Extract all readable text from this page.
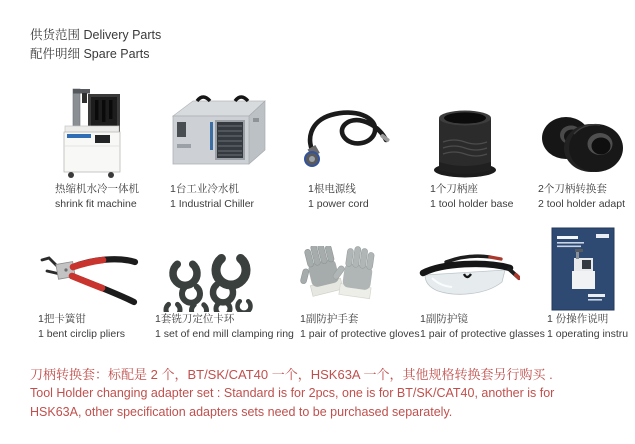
供货范围 Delivery Parts
配件明细 Spare Parts
热缩机水冷一体机
shrink fit machine
1台工业冷水机
1 Industrial Chiller
1根电源线
1 power cord
1个刀柄座
1 tool holder base
2个刀柄转换套
2 tool holder adapt
1把卡簧钳
1 bent circlip pliers
1套铣刀定位卡环
1 set of end mill clamping ring
1副防护手套
1 pair of protective gloves
1副防护镜
1 pair of protective glasses
1 份操作说明
1 operating instru
刀柄转换套：标配是 2 个，BT/SK/CAT40 一个，HSK63A 一个，其他规格转换套另行购买 .
Tool Holder changing adapter set : Standard is for 2pcs, one is for BT/SK/CAT40, another is for
HSK63A, other specification adapters sets need to be purchased separately.
